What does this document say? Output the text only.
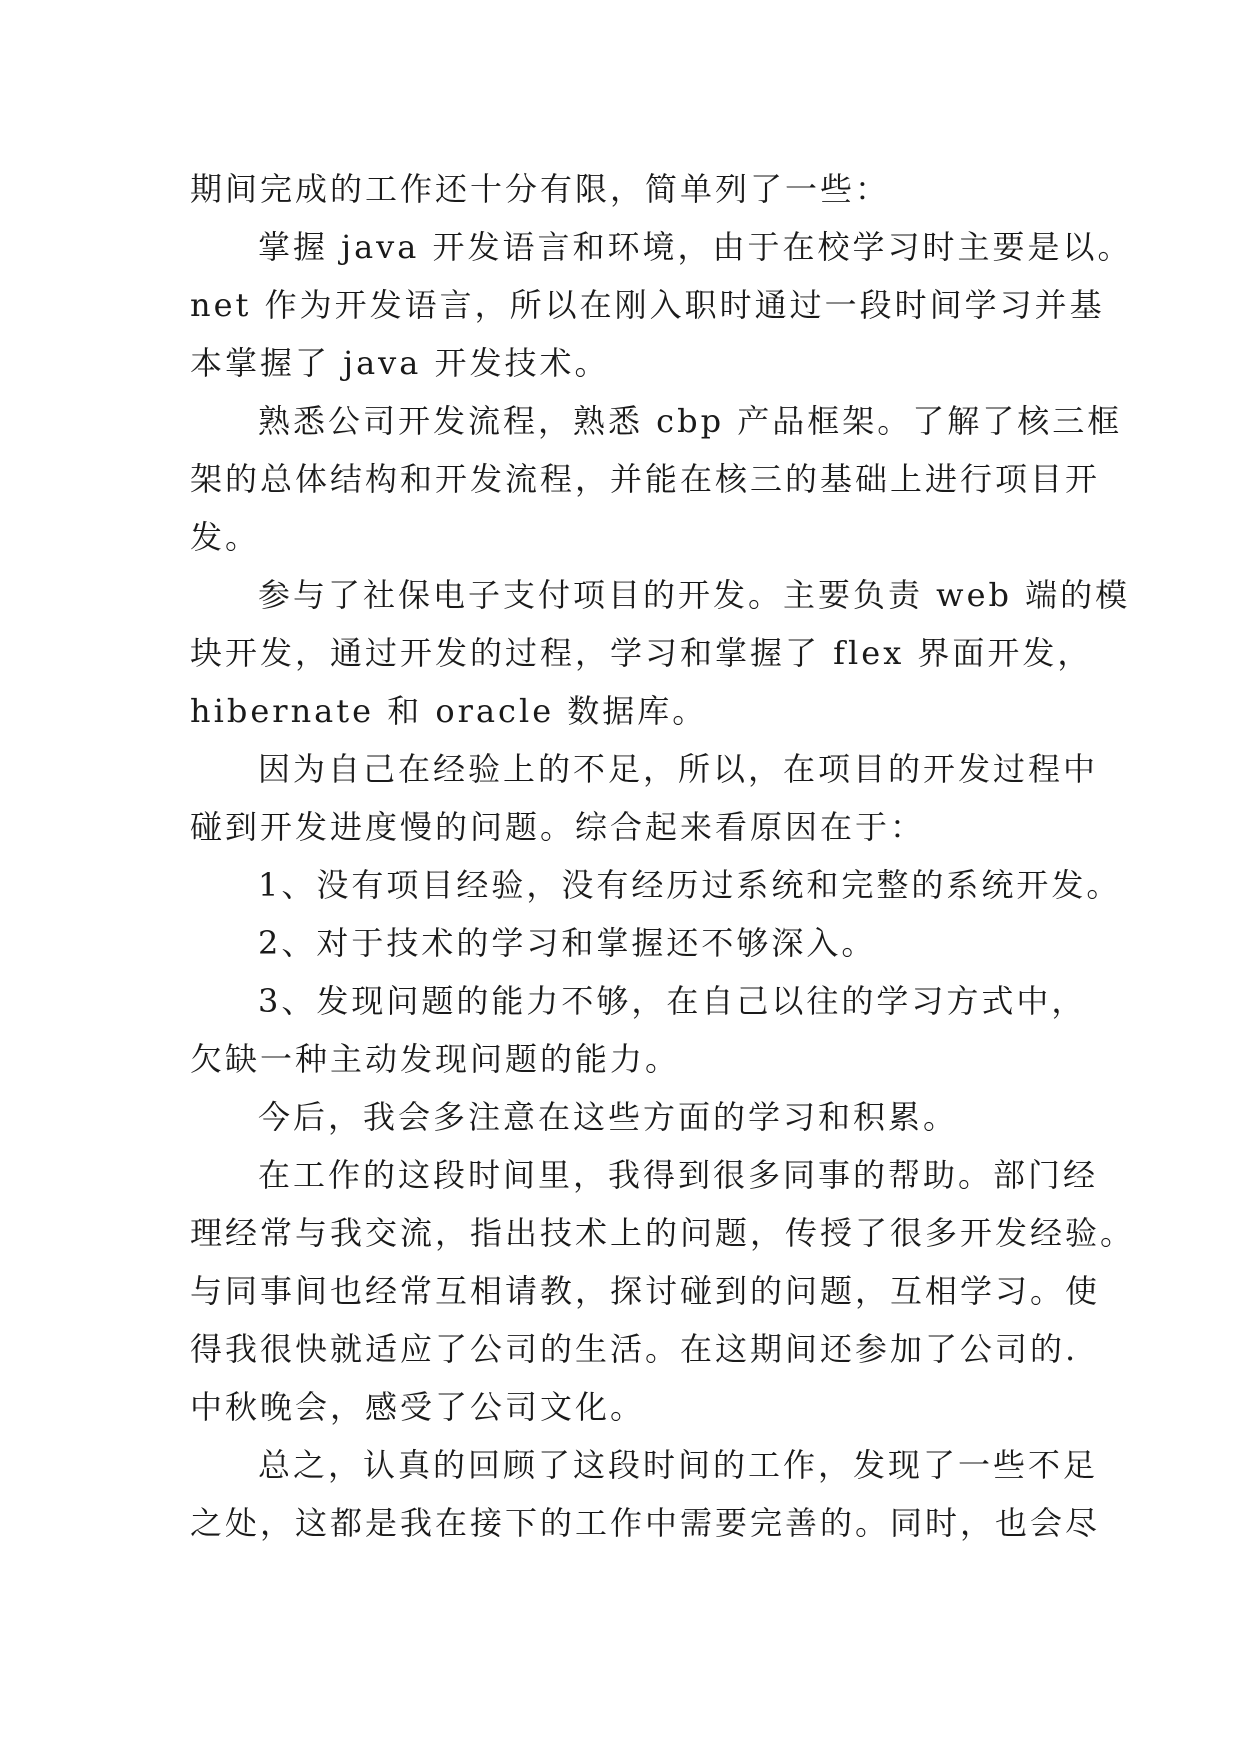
期间完成的工作还十分有限，简单列了一些：
掌握 java 开发语言和环境，由于在校学习时主要是以。
net 作为开发语言，所以在刚入职时通过一段时间学习并基
本掌握了 java 开发技术。
熟悉公司开发流程，熟悉 cbp 产品框架。了解了核三框
架的总体结构和开发流程，并能在核三的基础上进行项目开
发。
参与了社保电子支付项目的开发。主要负责 web 端的模
块开发，通过开发的过程，学习和掌握了 flex 界面开发，
hibernate 和 oracle 数据库。
因为自己在经验上的不足，所以，在项目的开发过程中
碰到开发进度慢的问题。综合起来看原因在于：
1、没有项目经验，没有经历过系统和完整的系统开发。
2、对于技术的学习和掌握还不够深入。
3、发现问题的能力不够，在自己以往的学习方式中，
欠缺一种主动发现问题的能力。
今后，我会多注意在这些方面的学习和积累。
在工作的这段时间里，我得到很多同事的帮助。部门经
理经常与我交流，指出技术上的问题，传授了很多开发经验。
与同事间也经常互相请教，探讨碰到的问题，互相学习。使
得我很快就适应了公司的生活。在这期间还参加了公司的.
中秋晚会，感受了公司文化。
总之，认真的回顾了这段时间的工作，发现了一些不足
之处，这都是我在接下的工作中需要完善的。同时，也会尽
